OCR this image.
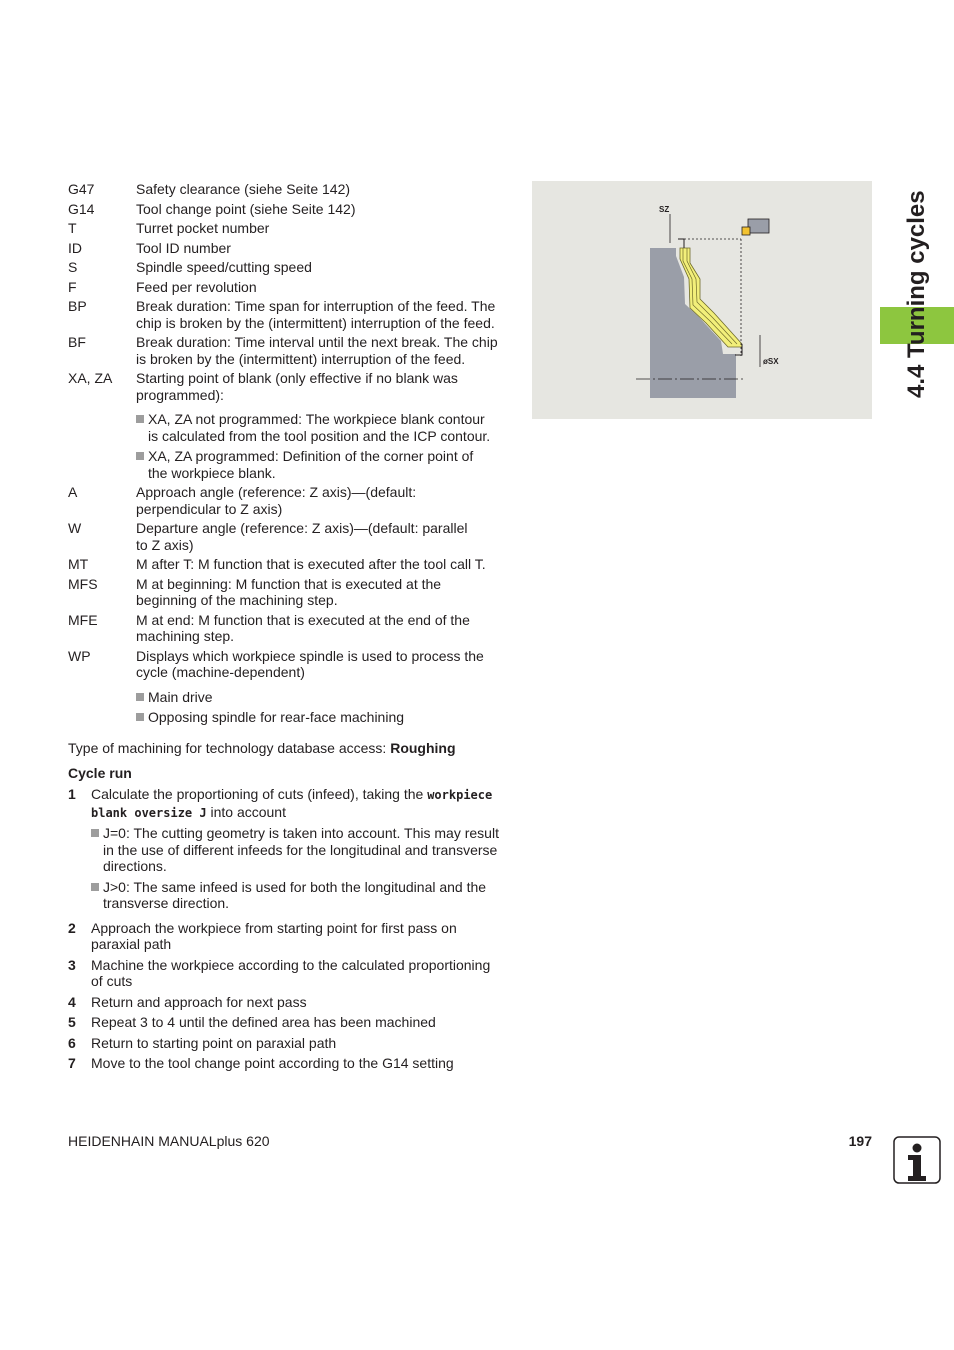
G47	Safety clearance (siehe Seite 142)
G14	Tool change point (siehe Seite 142)
T	Turret pocket number
ID	Tool ID number
S	Spindle speed/cutting speed
F	Feed per revolution
BP	Break duration: Time span for interruption of the feed. The
chip is broken by the (intermittent) interruption of the feed.
BF	Break duration: Time interval until the next break. The chip
is broken by the (intermittent) interruption of the feed.
XA, ZA	Starting point of blank (only effective if no blank was
programmed):
XA, ZA not programmed: The workpiece blank contour
is calculated from the tool position and the ICP contour.
XA, ZA programmed: Definition of the corner point of
the workpiece blank.
A	Approach angle (reference: Z axis)—(default:
perpendicular to Z axis)
W	Departure angle (reference: Z axis)—(default: parallel
to Z axis)
MT	M after T: M function that is executed after the tool call T.
MFS	M at beginning: M function that is executed at the
beginning of the machining step.
MFE	M at end: M function that is executed at the end of the
machining step.
WP	Displays which workpiece spindle is used to process the
cycle (machine-dependent)
Main drive
Opposing spindle for rear-face machining
Type of machining for technology database access: Roughing
Cycle run
1	Calculate the proportioning of cuts (infeed), taking the workpiece
blank oversize J into account
J=0: The cutting geometry is taken into account. This may result
in the use of different infeeds for the longitudinal and transverse
directions.
J>0: The same infeed is used for both the longitudinal and the
transverse direction.
2	Approach the workpiece from starting point for first pass on
paraxial path
3	Machine the workpiece according to the calculated proportioning
of cuts
4	Return and approach for next pass
5	Repeat 3 to 4 until the defined area has been machined
6	Return to starting point on paraxial path
7	Move to the tool change point according to the G14 setting
SZ
øSX	4.4 Turning cycles
HEIDENHAIN MANUALplus 620	197
